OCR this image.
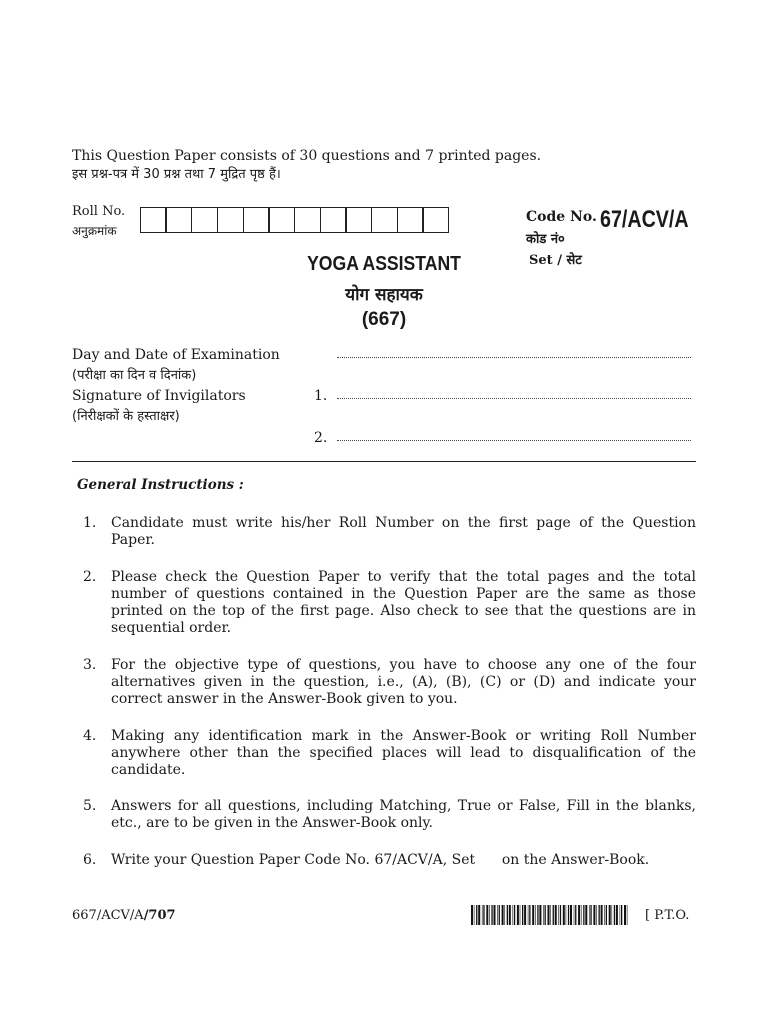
This Question Paper consists of 30 questions and 7 printed pages.
इस प्रश्न-पत्र में 30 प्रश्न तथा 7 मुद्रित पृष्ठ हैं।
Roll No.
अनुक्रमांक
Code No. 67/ACV/A
कोड नं०
Set / सेट
YOGA ASSISTANT
योग सहायक
(667)
Day and Date of Examination
(परीक्षा का दिन व दिनांक)
Signature of Invigilators
(निरीक्षकों के हस्ताक्षर)
1.
2.
General Instructions :
1. Candidate must write his/her Roll Number on the first page of the Question Paper.
2. Please check the Question Paper to verify that the total pages and the total number of questions contained in the Question Paper are the same as those printed on the top of the first page. Also check to see that the questions are in sequential order.
3. For the objective type of questions, you have to choose any one of the four alternatives given in the question, i.e., (A), (B), (C) or (D) and indicate your correct answer in the Answer-Book given to you.
4. Making any identification mark in the Answer-Book or writing Roll Number anywhere other than the specified places will lead to disqualification of the candidate.
5. Answers for all questions, including Matching, True or False, Fill in the blanks, etc., are to be given in the Answer-Book only.
6. Write your Question Paper Code No. 67/ACV/A, Set      on the Answer-Book.
667/ACV/A/707	[ P.T.O.
